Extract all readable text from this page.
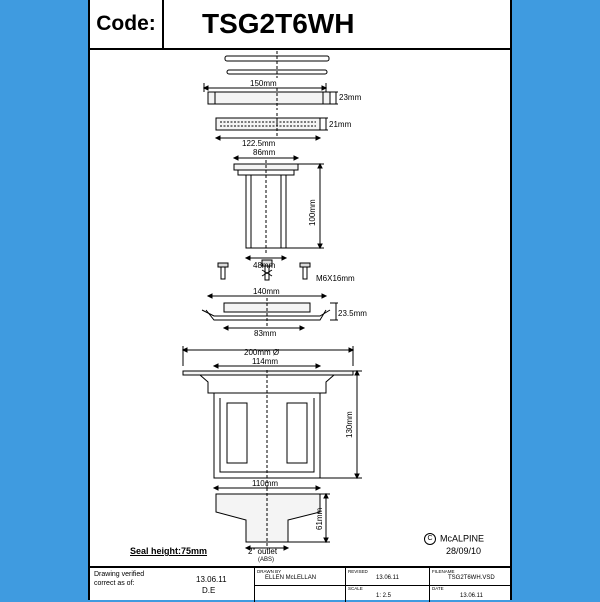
Code: TSG2T6WH
150mm
23mm
21mm
122.5mm
86mm
100mm
48mm
M6X16mm
140mm
23.5mm
83mm
200mm Ø
114mm
130mm
110mm
61mm
2" outlet
(ABS)
Seal height:75mm
C McALPINE
28/09/10
Drawing verified
correct as of:	13.06.11
D.E
DRAWN BY
ELLEN McLELLAN
REVISED
13.06.11
SCALE
1: 2.5
FILENAME
TSG2T6WH.VSD
DATE
13.06.11
